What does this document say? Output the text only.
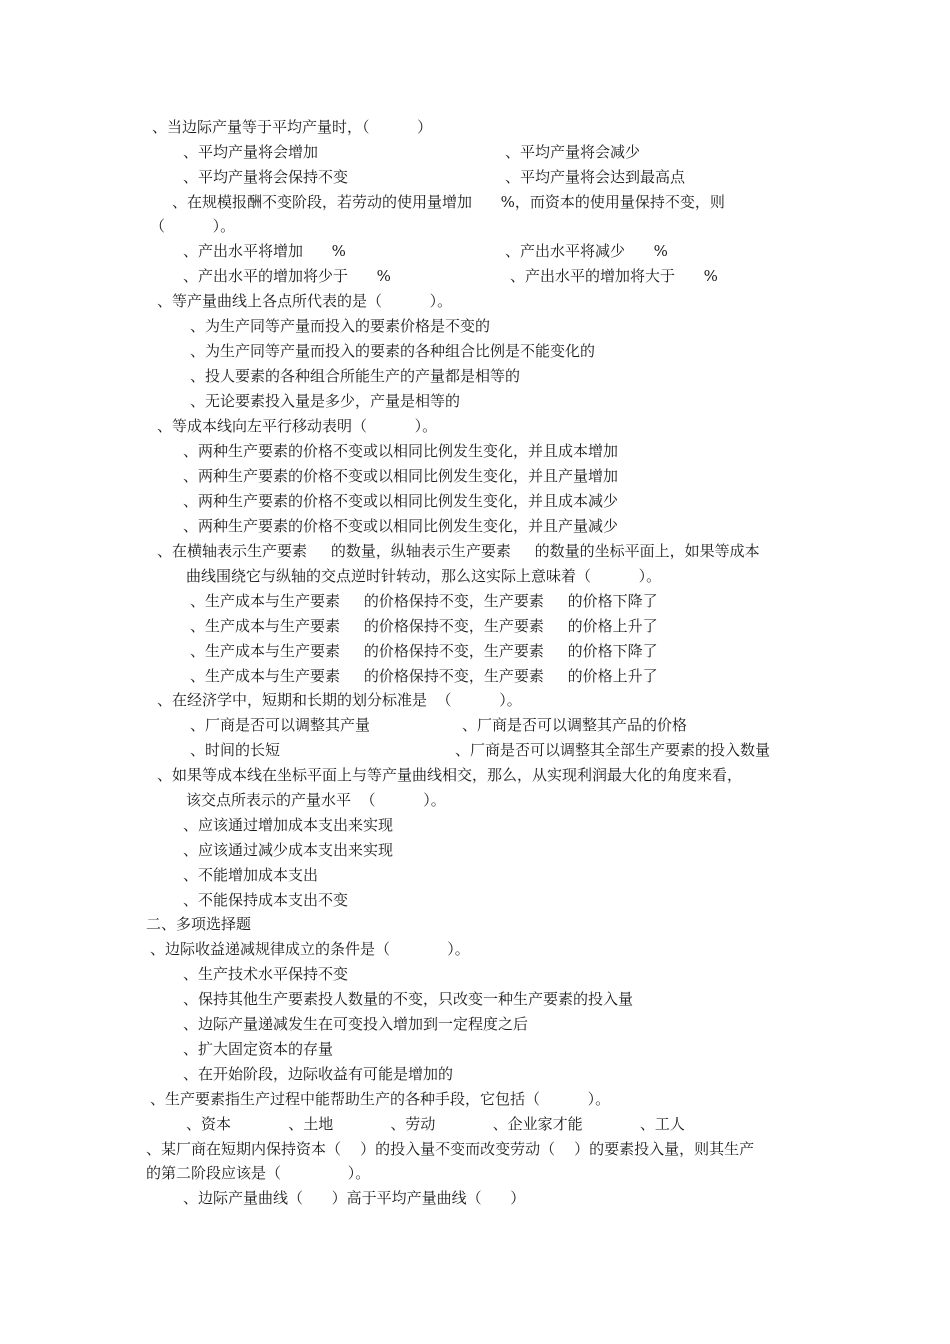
、当边际产量等于平均产量时，（          ）
、平均产量将会增加	、平均产量将会减少
、平均产量将会保持不变	、平均产量将会达到最高点
、在规模报酬不变阶段，若劳动的使用量增加      %，而资本的使用量保持不变，则
（          ）。
、产出水平将增加      %	、产出水平将减少      %
、产出水平的增加将少于      %	、产出水平的增加将大于      %
、等产量曲线上各点所代表的是（          ）。
、为生产同等产量而投入的要素价格是不变的
、为生产同等产量而投入的要素的各种组合比例是不能变化的
、投人要素的各种组合所能生产的产量都是相等的
、无论要素投入量是多少，产量是相等的
、等成本线向左平行移动表明（          ）。
、两种生产要素的价格不变或以相同比例发生变化，并且成本增加
、两种生产要素的价格不变或以相同比例发生变化，并且产量增加
、两种生产要素的价格不变或以相同比例发生变化，并且成本减少
、两种生产要素的价格不变或以相同比例发生变化，并且产量减少
、在横轴表示生产要素     的数量，纵轴表示生产要素     的数量的坐标平面上，如果等成本
曲线围绕它与纵轴的交点逆时针转动，那么这实际上意味着（          ）。
、生产成本与生产要素     的价格保持不变，生产要素     的价格下降了
、生产成本与生产要素     的价格保持不变，生产要素     的价格上升了
、生产成本与生产要素     的价格保持不变，生产要素     的价格下降了
、生产成本与生产要素     的价格保持不变，生产要素     的价格上升了
、在经济学中，短期和长期的划分标准是  （          ）。
、厂商是否可以调整其产量	、厂商是否可以调整其产品的价格
、时间的长短	、厂商是否可以调整其全部生产要素的投入数量
、如果等成本线在坐标平面上与等产量曲线相交，那么，从实现利润最大化的角度来看，
该交点所表示的产量水平  （          ）。
、应该通过增加成本支出来实现
、应该通过减少成本支出来实现
、不能增加成本支出
、不能保持成本支出不变
二、多项选择题
、边际收益递减规律成立的条件是（            ）。
、生产技术水平保持不变
、保持其他生产要素投人数量的不变，只改变一种生产要素的投入量
、边际产量递减发生在可变投入增加到一定程度之后
、扩大固定资本的存量
、在开始阶段，边际收益有可能是增加的
、生产要素指生产过程中能帮助生产的各种手段，它包括（          ）。
、资本            、土地            、劳动            、企业家才能            、工人
、某厂商在短期内保持资本（    ）的投入量不变而改变劳动（    ）的要素投入量，则其生产
的第二阶段应该是（              ）。
、边际产量曲线（      ）高于平均产量曲线（      ）
